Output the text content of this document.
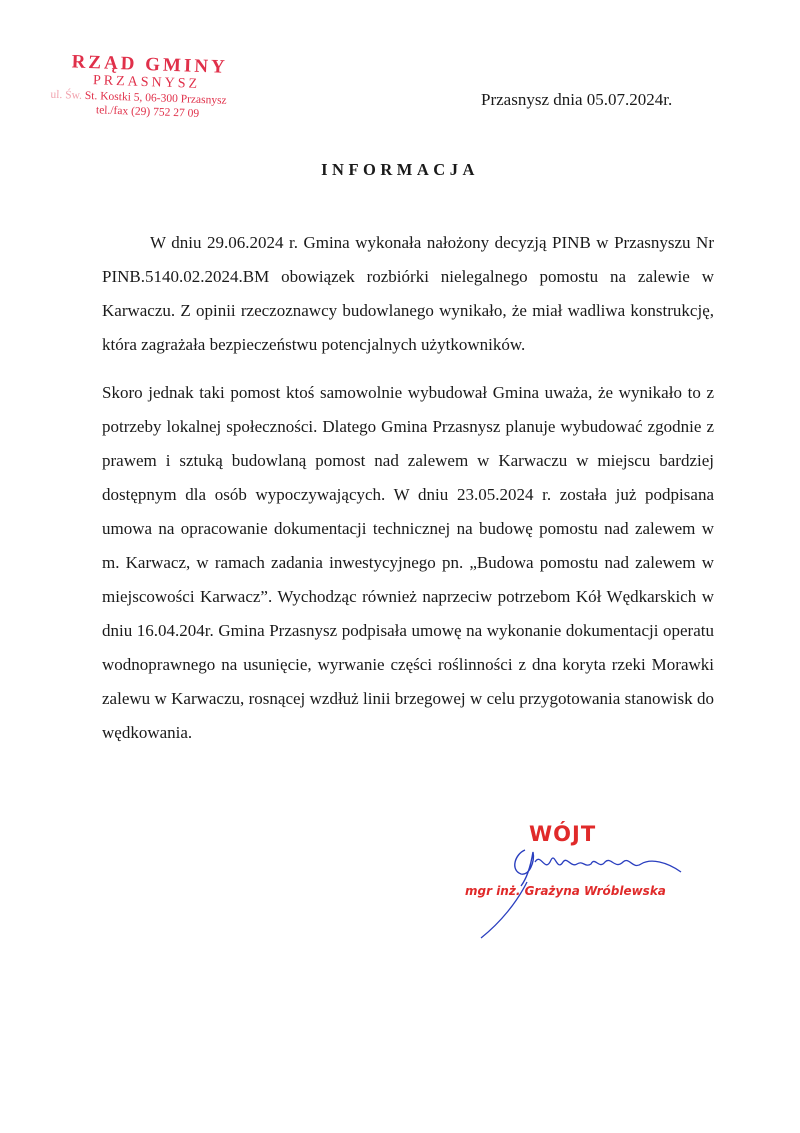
RZĄD GMINY
PRZASNYSZ
ul. Św. St. Kostki 5, 06-300 Przasnysz
tel./fax (29) 752 27 09
Przasnysz dnia 05.07.2024r.
INFORMACJA

W dniu 29.06.2024 r. Gmina wykonała nałożony decyzją PINB w Przasnyszu Nr PINB.5140.02.2024.BM obowiązek rozbiórki nielegalnego pomostu na zalewie w Karwaczu. Z opinii rzeczoznawcy budowlanego wynikało, że miał wadliwa konstrukcję, która zagrażała bezpieczeństwu potencjalnych użytkowników.

Skoro jednak taki pomost ktoś samowolnie wybudował Gmina uważa, że wynikało to z potrzeby lokalnej społeczności. Dlatego Gmina Przasnysz planuje wybudować zgodnie z prawem i sztuką budowlaną pomost nad zalewem w Karwaczu w miejscu bardziej dostępnym dla osób wypoczywających. W dniu 23.05.2024 r. została już podpisana umowa na opracowanie dokumentacji technicznej na budowę pomostu nad zalewem w m. Karwacz, w ramach zadania inwestycyjnego pn. „Budowa pomostu nad zalewem w miejscowości Karwacz”. Wychodząc również naprzeciw potrzebom Kół Wędkarskich w dniu 16.04.204r. Gmina Przasnysz podpisała umowę na wykonanie dokumentacji operatu wodnoprawnego na usunięcie, wyrwanie części roślinności z dna koryta rzeki Morawki zalewu w Karwaczu, rosnącej wzdłuż linii brzegowej w celu przygotowania stanowisk do wędkowania.

WÓJT
mgr inż. Grażyna Wróblewska
